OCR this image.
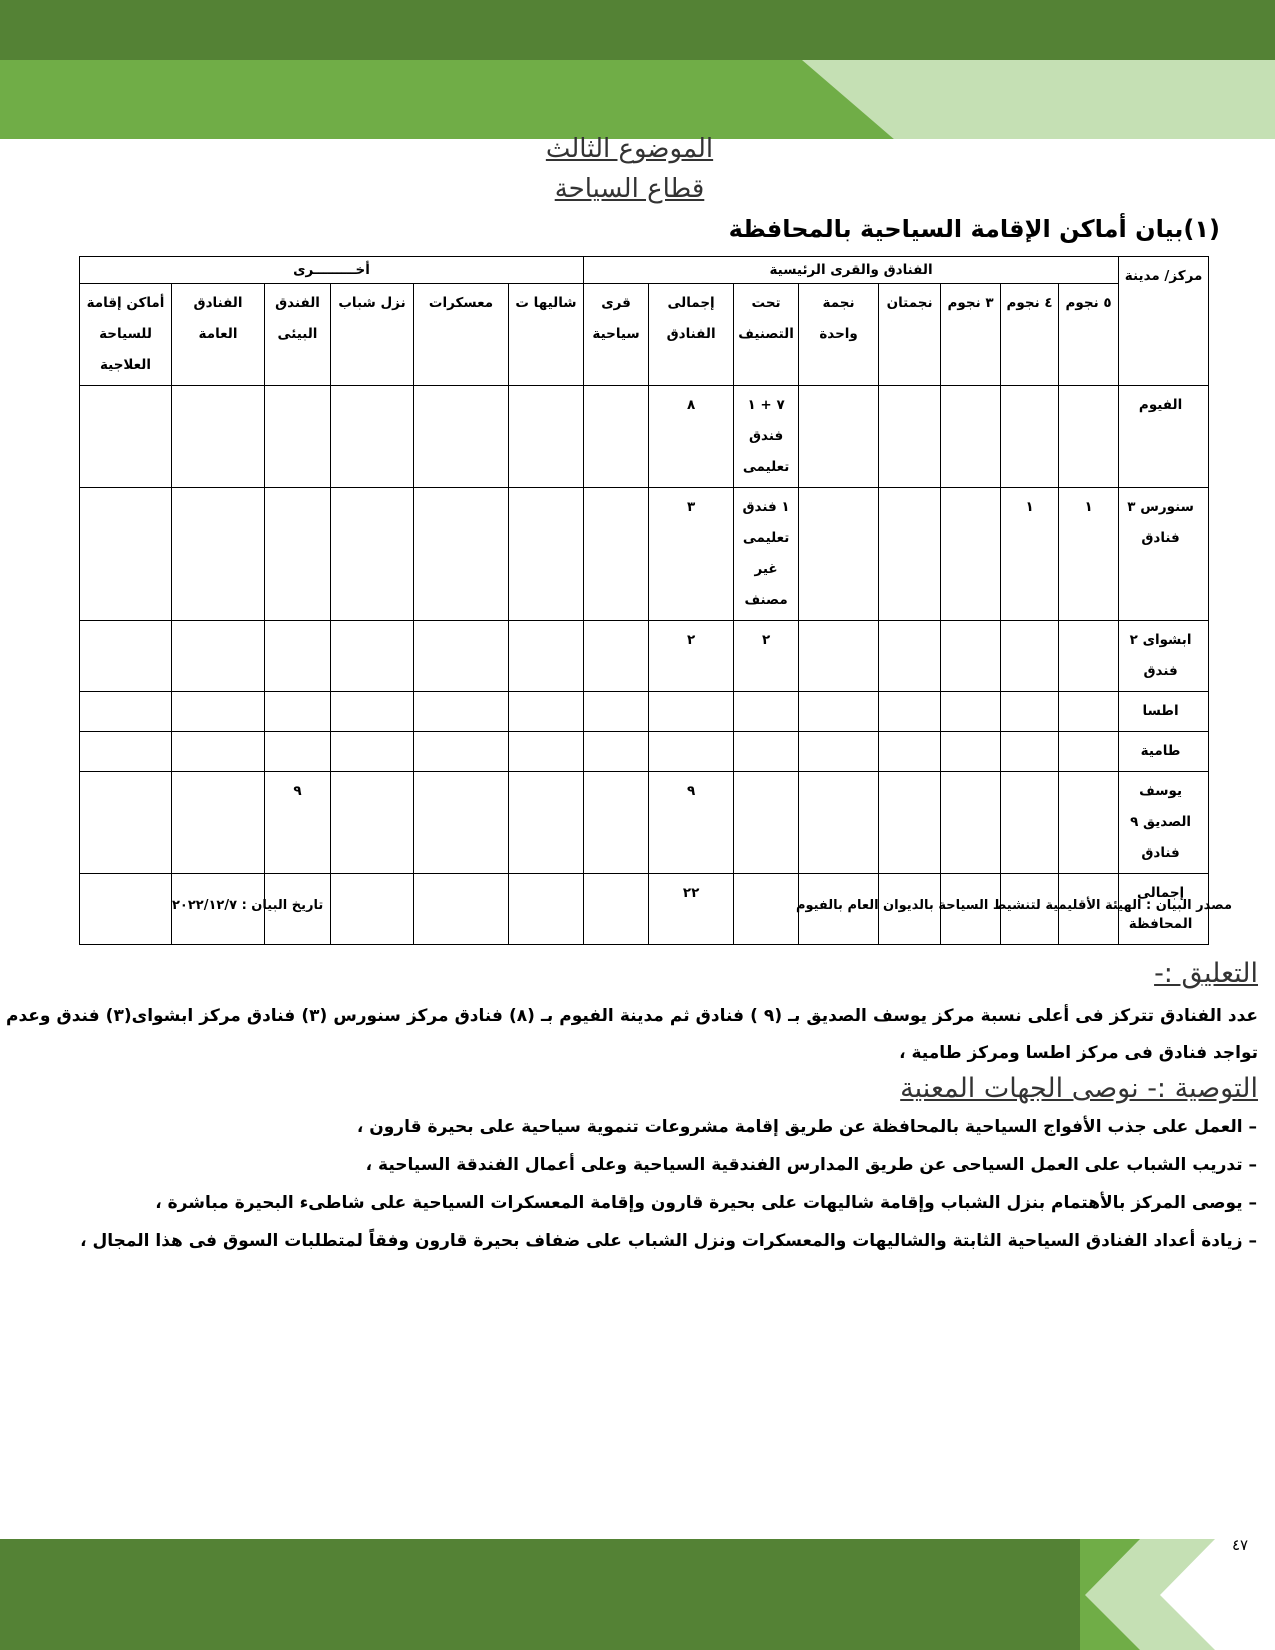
الموضوع الثالث
قطاع السياحة
(١)بيان أماكن الإقامة السياحية بالمحافظة
مركز/ مدينة	الفنادق والقرى الرئيسية								أخـــــــــرى					
	٥ نجوم	٤ نجوم	٣ نجوم	نجمتان	نجمة واحدة	تحت التصنيف	إجمالى الفنادق	قرى سياحية	شاليها ت	معسكرات	نزل شباب	الفندق البيئى	الفنادق العامة	أماكن إقامة للسياحة العلاجية
الفيوم						٧ + ١ فندق تعليمى	٨							
سنورس ٣ فنادق	١	١				١ فندق تعليمى غير مصنف	٣							
ابشواى ٢ فندق						٢	٢							
اطسا														
طامية														
يوسف الصديق ٩ فنادق							٩					٩		
إجمالى المحافظة							٢٢							
مصدر البيان : الهيئة الأقليمية لتنشيط السياحة بالديوان العام بالفيوم
تاريخ البيان : ٢٠٢٢/١٢/٧
التعليق :-
عدد الفنادق تتركز فى أعلى نسبة مركز يوسف الصديق بـ (٩ ) فنادق ثم مدينة الفيوم بـ (٨) فنادق مركز سنورس (٣) فنادق مركز ابشواى(٣) فندق وعدم تواجد فنادق فى مركز اطسا ومركز طامية ،
التوصية :- نوصى الجهات المعنية
– العمل على جذب الأفواج السياحية بالمحافظة عن طريق إقامة مشروعات تنموية سياحية على بحيرة قارون ،
– تدريب الشباب على العمل السياحى عن طريق المدارس الفندقية السياحية وعلى أعمال الفندقة السياحية ،
– يوصى المركز بالأهتمام بنزل الشباب وإقامة شاليهات على بحيرة قارون وإقامة المعسكرات السياحية على شاطىء البحيرة مباشرة ،
– زيادة أعداد الفنادق السياحية الثابتة والشاليهات والمعسكرات ونزل الشباب على ضفاف بحيرة قارون وفقاً لمتطلبات السوق فى هذا المجال ،
٤٧
